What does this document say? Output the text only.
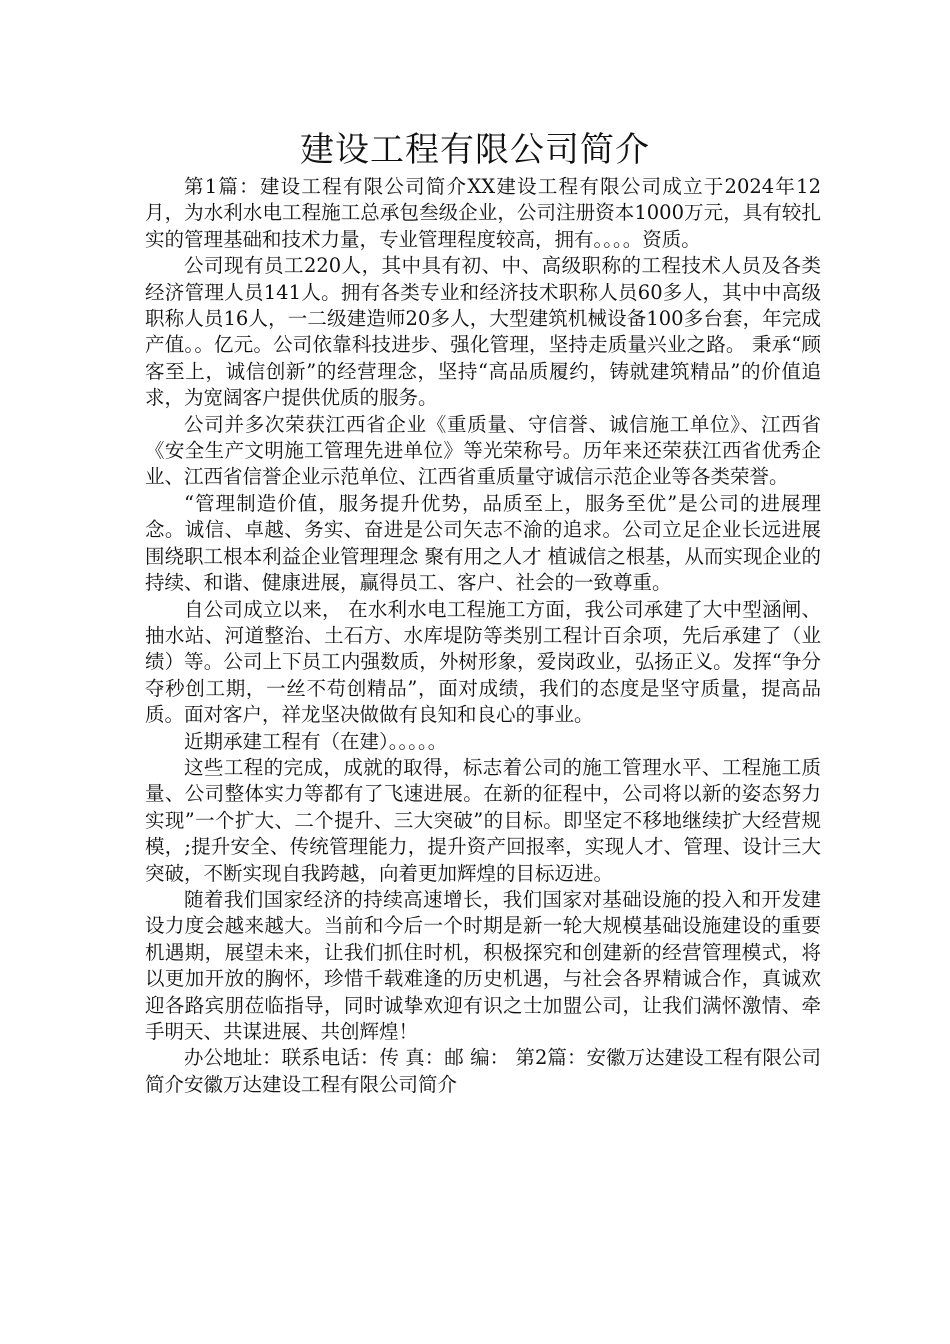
建设工程有限公司简介

第1篇：建设工程有限公司简介XX建设工程有限公司成立于2024年12月，为水利水电工程施工总承包叁级企业，公司注册资本1000万元，具有较扎实的管理基础和技术力量，专业管理程度较高，拥有。。。。资质。

公司现有员工220人，其中具有初、中、高级职称的工程技术人员及各类经济管理人员141人。拥有各类专业和经济技术职称人员60多人，其中中高级职称人员16人，一二级建造师20多人，大型建筑机械设备100多台套，年完成产值。。亿元。公司依靠科技进步、强化管理，坚持走质量兴业之路。 秉承“顾客至上，诚信创新”的经营理念，坚持“高品质履约，铸就建筑精品”的价值追求，为宽阔客户提供优质的服务。

公司并多次荣获江西省企业《重质量、守信誉、诚信施工单位》、江西省《安全生产文明施工管理先进单位》等光荣称号。历年来还荣获江西省优秀企业、江西省信誉企业示范单位、江西省重质量守诚信示范企业等各类荣誉。

“管理制造价值，服务提升优势，品质至上，服务至优”是公司的进展理念。诚信、卓越、务实、奋进是公司矢志不渝的追求。公司立足企业长远进展 围绕职工根本利益企业管理理念 聚有用之人才 植诚信之根基，从而实现企业的持续、和谐、健康进展，赢得员工、客户、社会的一致尊重。

自公司成立以来， 在水利水电工程施工方面，我公司承建了大中型涵闸、抽水站、河道整治、土石方、水库堤防等类别工程计百余项，先后承建了（业绩）等。公司上下员工内强数质，外树形象，爱岗政业，弘扬正义。发挥“争分夺秒创工期，一丝不苟创精品”，面对成绩，我们的态度是坚守质量，提高品质。面对客户，祥龙坚决做做有良知和良心的事业。

近期承建工程有（在建）。。。。。

这些工程的完成，成就的取得，标志着公司的施工管理水平、工程施工质量、公司整体实力等都有了飞速进展。在新的征程中，公司将以新的姿态努力实现”一个扩大、二个提升、三大突破”的目标。即坚定不移地继续扩大经营规模，;提升安全、传统管理能力，提升资产回报率，实现人才、管理、设计三大突破，不断实现自我跨越，向着更加辉煌的目标迈进。

随着我们国家经济的持续高速增长，我们国家对基础设施的投入和开发建设力度会越来越大。当前和今后一个时期是新一轮大规模基础设施建设的重要机遇期，展望未来，让我们抓住时机，积极探究和创建新的经营管理模式，将以更加开放的胸怀，珍惜千载难逢的历史机遇，与社会各界精诚合作，真诚欢迎各路宾朋莅临指导，同时诚挚欢迎有识之士加盟公司，让我们满怀激情、牵手明天、共谋进展、共创辉煌！

办公地址：联系电话：传 真：邮 编： 第2篇：安徽万达建设工程有限公司简介安徽万达建设工程有限公司简介
